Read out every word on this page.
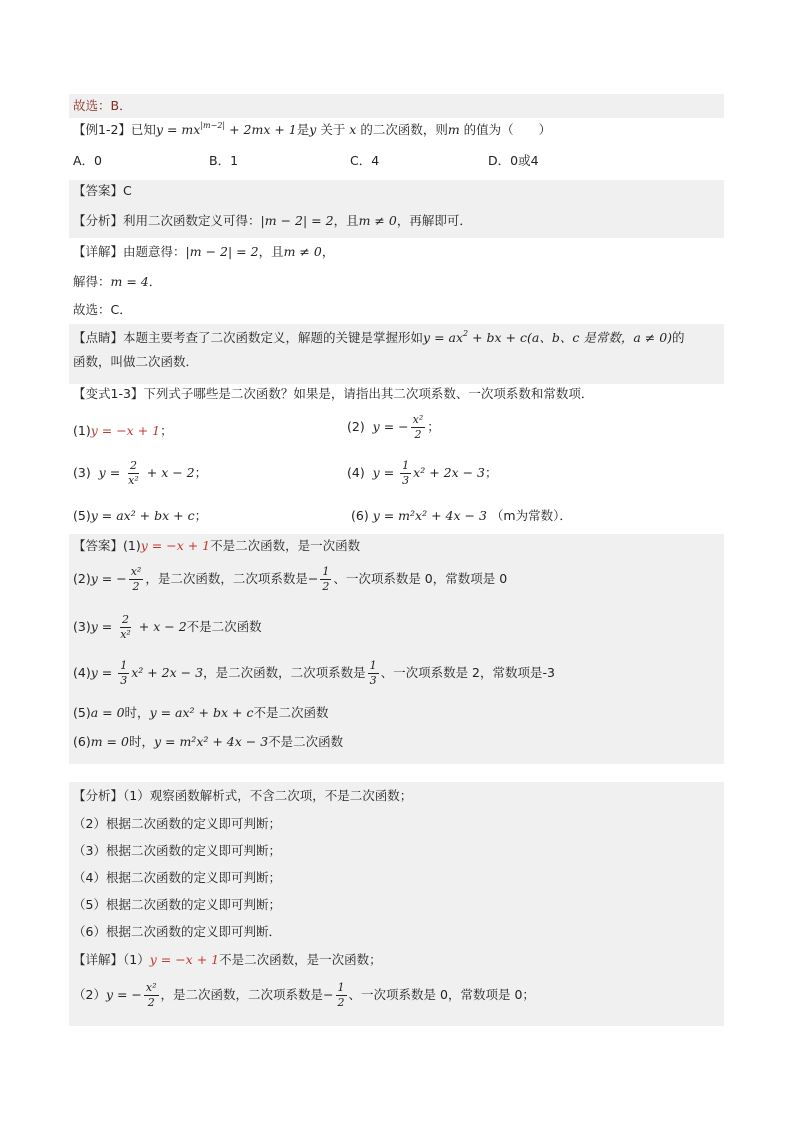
故选：B．
【例1-2】已知$y = mx^{|m-2|} + 2mx + 1$是y 关于 x 的二次函数，则m 的值为（　　）
A．0	B．1	C．4	D．0或4
【答案】C
【分析】利用二次函数定义可得：|m − 2| = 2，且m ≠ 0，再解即可．
【详解】由题意得：|m − 2| = 2，且m ≠ 0，
解得：m = 4．
故选：C．
【点睛】本题主要考查了二次函数定义，解题的关键是掌握形如$y = ax^2$ + bx + c(a、b、c 是常数，a ≠ 0)的
函数，叫做二次函数．
【变式1-3】下列式子哪些是二次函数？如果是，请指出其二次项系数、一次项系数和常数项．
(1)y = −x + 1；	(2) y = − $\frac{\text{x²}}{2}$ ；
(3) $y = \frac{2}{\text{x²}} + x - 2$；	(4) $y = \frac{1}{3} x^2 + 2x - 3$；
(5)y = ax² + bx + c；	(6) y = m²x² + 4x − 3 （m为常数）．
【答案】(1)y = −x + 1不是二次函数，是一次函数
(2)y = − $\frac{\text{x²}}{2}$ ，是二次函数，二次项系数是− $\frac{1}{2}$ 、一次项系数是 0，常数项是 0
$(3)y = \frac{2}{\text{x²}} + x - 2$不是二次函数
$(4)y = \frac{1}{3} x^2 + 2x - 3$，是二次函数，二次项系数是 $\frac{1}{3}$ 、一次项系数是 2，常数项是-3
(5)a = 0时，y = ax² + bx + c不是二次函数
(6)m = 0时，y = m²x² + 4x − 3不是二次函数
【分析】（1）观察函数解析式，不含二次项，不是二次函数；
（2）根据二次函数的定义即可判断；
（3）根据二次函数的定义即可判断；
（4）根据二次函数的定义即可判断；
（5）根据二次函数的定义即可判断；
（6）根据二次函数的定义即可判断．
【详解】（1）y = −x + 1不是二次函数，是一次函数；
（2）y = − $\frac{\text{x²}}{2}$ ，是二次函数，二次项系数是− $\frac{1}{2}$ 、一次项系数是 0，常数项是 0；
